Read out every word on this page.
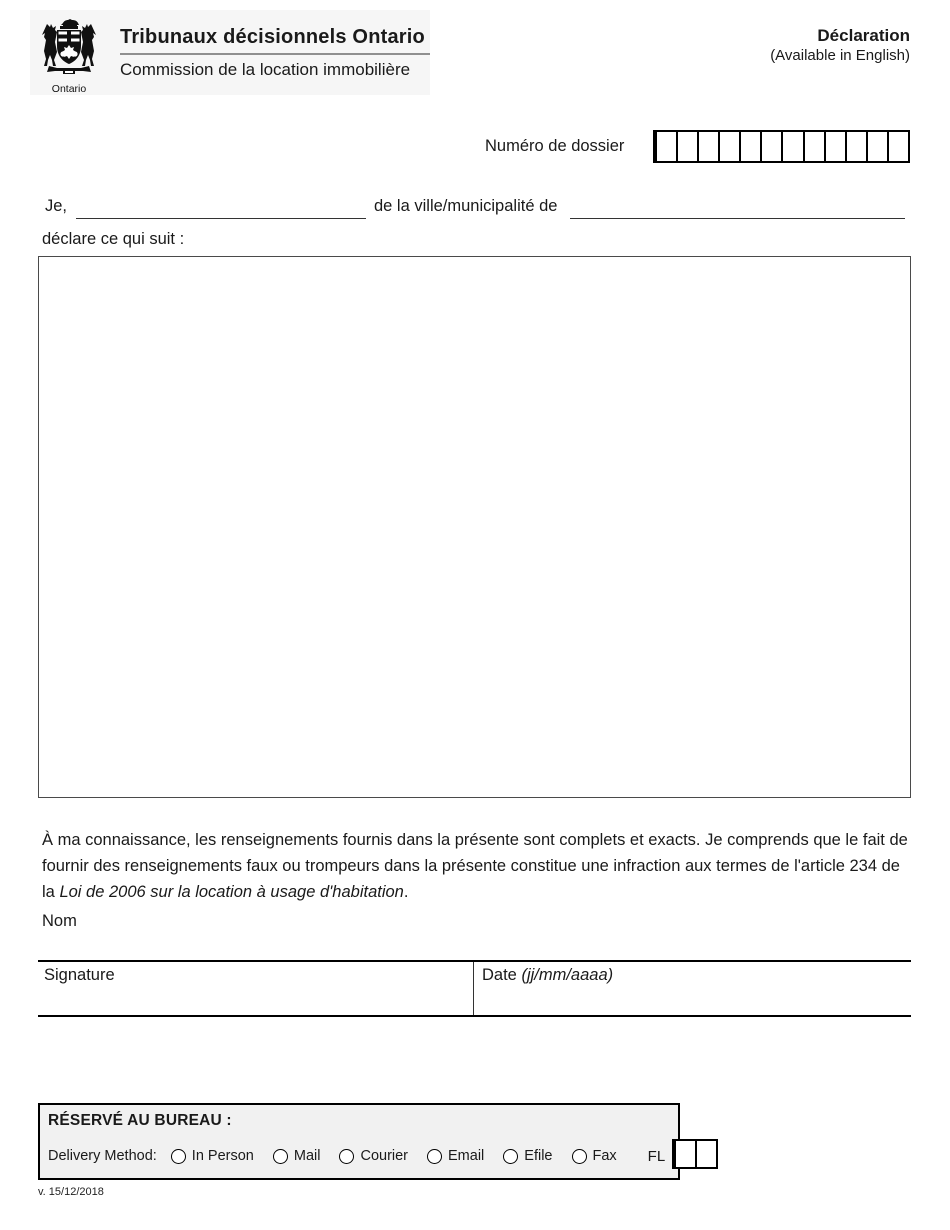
Ontario
Tribunaux décisionnels Ontario
Commission de la location immobilière
Déclaration
(Available in English)
Numéro de dossier
Je,	de la ville/municipalité de
déclare ce qui suit :
À ma connaissance, les renseignements fournis dans la présente sont complets et exacts. Je comprends que le fait de fournir des renseignements faux ou trompeurs dans la présente constitue une infraction aux termes de l'article 234 de la Loi de 2006 sur la location à usage d'habitation.
Nom
Signature	Date (jj/mm/aaaa)
RÉSERVÉ AU BUREAU :
Delivery Method: In Person	Mail	Courier	Email	Efile	Fax FL
v. 15/12/2018
